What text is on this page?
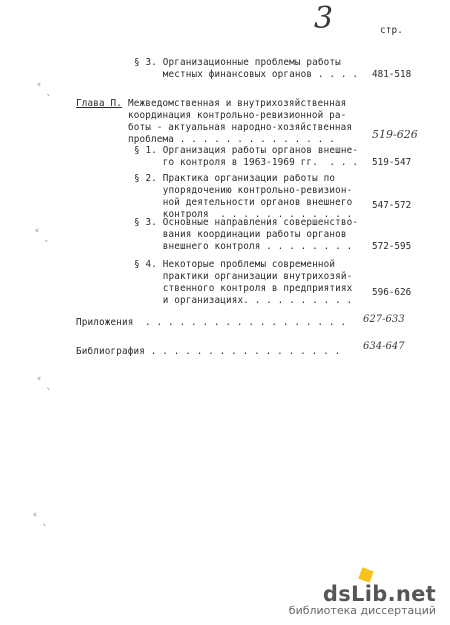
3	стр.
§ 3. Организационные проблемы работы
местных финансовых органов . . . . 481-518
Глава П. Межведомственная и внутрихозяйственная
координация контрольно-ревизионной ра-
боты - актуальная народно-хозяйственная
проблема . . . . . . . . . . . . . .	519-626
§ 1. Организация работы органов внешне-
го контроля в 1963-1969 гг.  . . . 519-547
§ 2. Практика организации работы по
упорядочению контрольно-ревизион-
ной деятельности органов внешнего
контроля  . . . . . . . . . . . .
547-572
§ 3. Основные направления совершенство-
вания координации работы органов
внешнего контроля . . . . . . . . 572-595
§ 4. Некоторые проблемы современной
практики организации внутрихозяй-
ственного контроля в предприятиях
и организациях. . . . . . . . . .
596-626
Приложения  . . . . . . . . . . . . . . . . . . 627-633
Библиография . . . . . . . . . . . . . . . . . 634-647
˂ ˎ
˂ ˎ
˂ ˎ
˂ ˎ
dsLib.net
библиотека диссертаций
